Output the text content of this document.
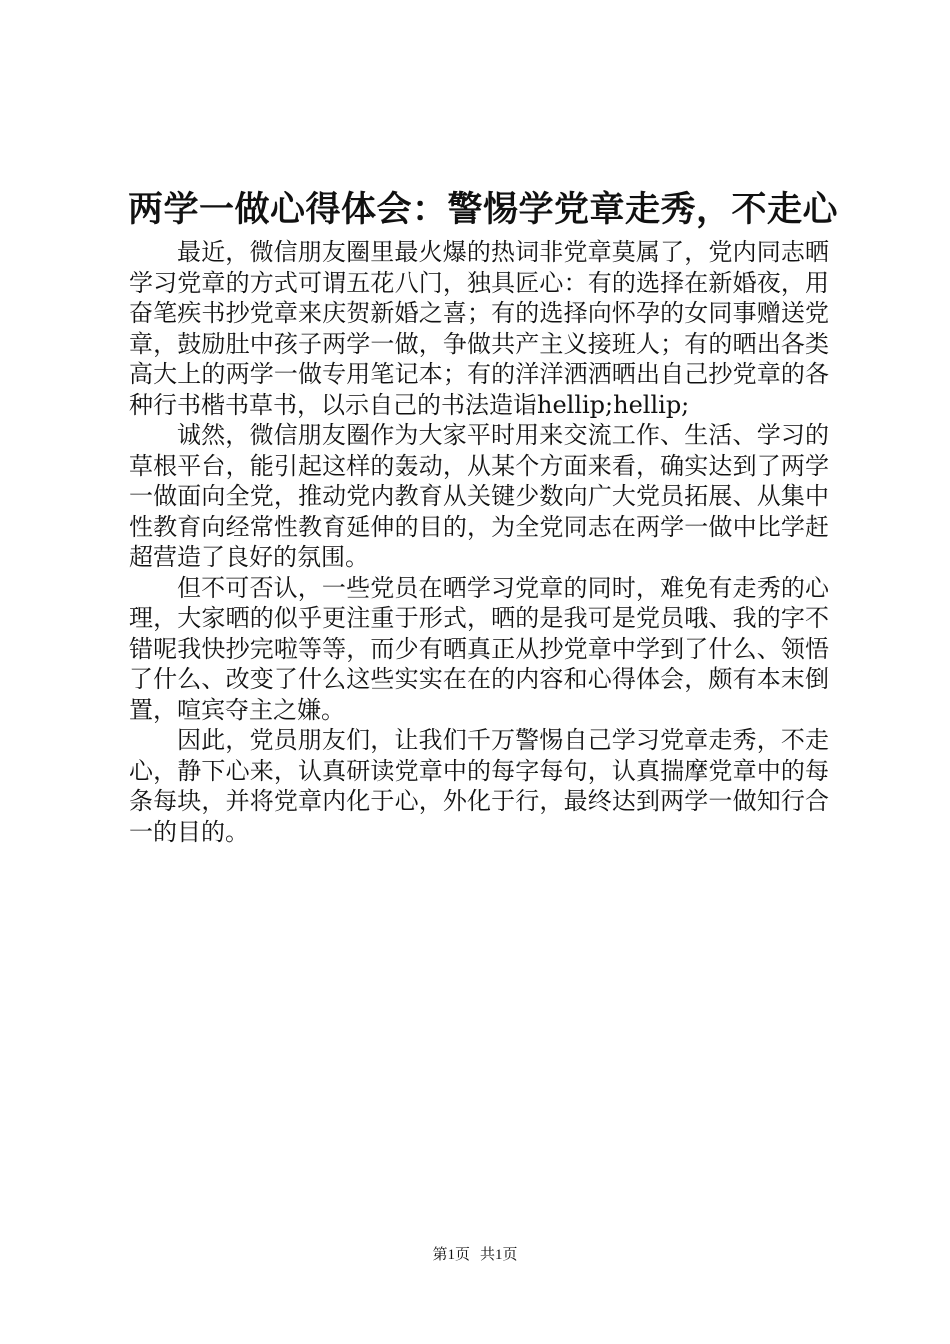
两学一做心得体会：警惕学党章走秀，不走心

最近，微信朋友圈里最火爆的热词非党章莫属了，党内同志晒学习党章的方式可谓五花八门，独具匠心：有的选择在新婚夜，用奋笔疾书抄党章来庆贺新婚之喜；有的选择向怀孕的女同事赠送党章，鼓励肚中孩子两学一做，争做共产主义接班人；有的晒出各类高大上的两学一做专用笔记本；有的洋洋洒洒晒出自己抄党章的各种行书楷书草书，以示自己的书法造诣hellip;hellip;

诚然，微信朋友圈作为大家平时用来交流工作、生活、学习的草根平台，能引起这样的轰动，从某个方面来看，确实达到了两学一做面向全党，推动党内教育从关键少数向广大党员拓展、从集中性教育向经常性教育延伸的目的，为全党同志在两学一做中比学赶超营造了良好的氛围。

但不可否认，一些党员在晒学习党章的同时，难免有走秀的心理，大家晒的似乎更注重于形式，晒的是我可是党员哦、我的字不错呢我快抄完啦等等，而少有晒真正从抄党章中学到了什么、领悟了什么、改变了什么这些实实在在的内容和心得体会，颇有本末倒置，喧宾夺主之嫌。

因此，党员朋友们，让我们千万警惕自己学习党章走秀，不走心，静下心来，认真研读党章中的每字每句，认真揣摩党章中的每条每块，并将党章内化于心，外化于行，最终达到两学一做知行合一的目的。

第1页 共1页
